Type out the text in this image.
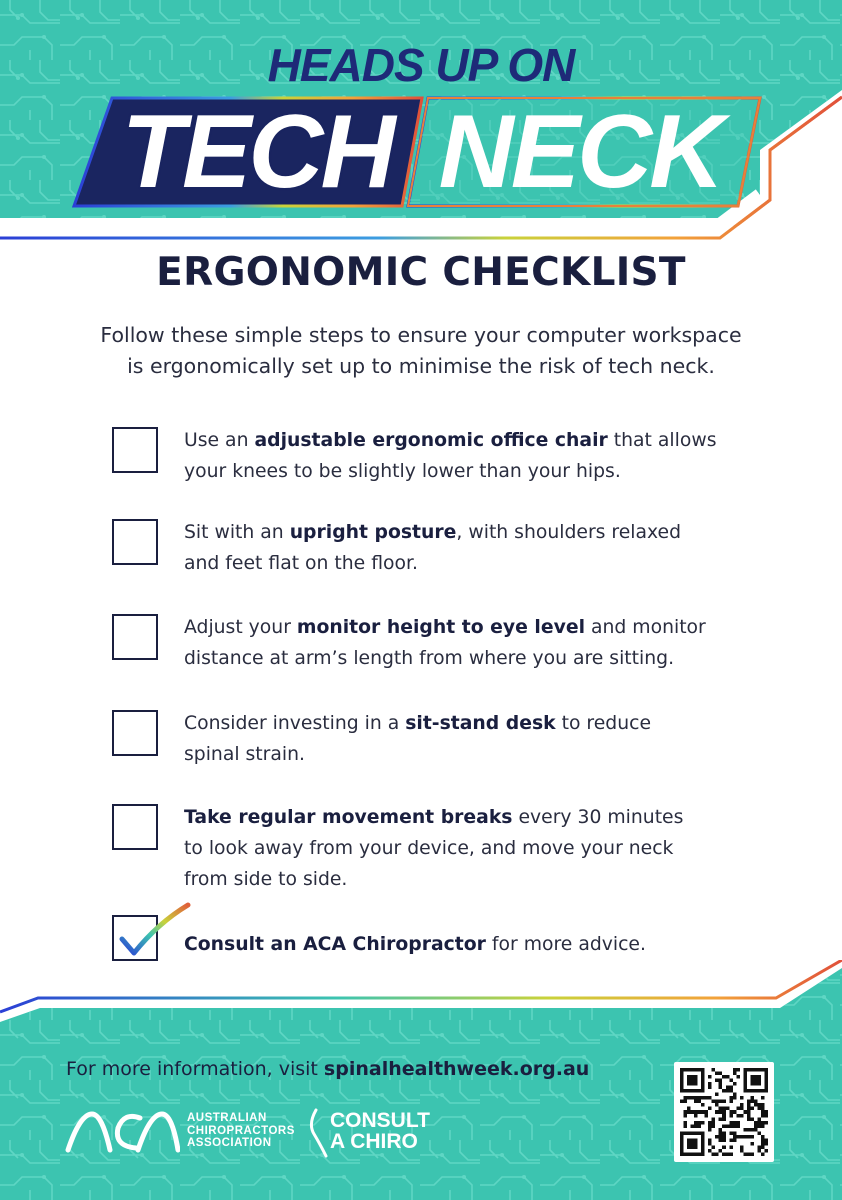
HEADS UP ON
TECH NECK
ERGONOMIC CHECKLIST
Follow these simple steps to ensure your computer workspace
is ergonomically set up to minimise the risk of tech neck.
Use an adjustable ergonomic office chair that allows
your knees to be slightly lower than your hips.
Sit with an upright posture, with shoulders relaxed
and feet flat on the floor.
Adjust your monitor height to eye level and monitor
distance at arm’s length from where you are sitting.
Consider investing in a sit-stand desk to reduce
spinal strain.
Take regular movement breaks every 30 minutes
to look away from your device, and move your neck
from side to side.
Consult an ACA Chiropractor for more advice.
For more information, visit spinalhealthweek.org.au
AUSTRALIAN
CHIROPRACTORS
ASSOCIATION
CONSULT
A CHIRO
